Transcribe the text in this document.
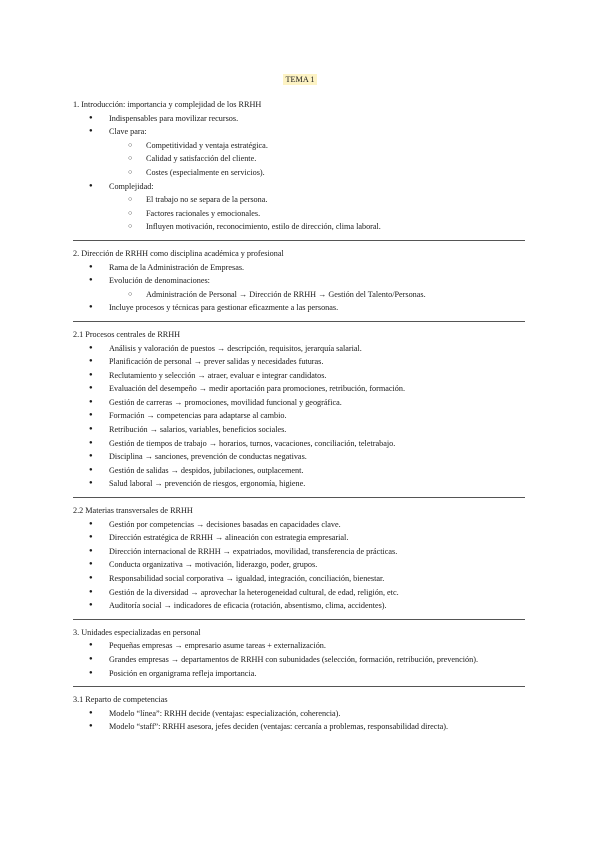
TEMA 1

1. Introducción: importancia y complejidad de los RRHH

● Indispensables para movilizar recursos.
● Clave para:
○ Competitividad y ventaja estratégica.
○ Calidad y satisfacción del cliente.
○ Costes (especialmente en servicios).
● Complejidad:
○ El trabajo no se separa de la persona.
○ Factores racionales y emocionales.
○ Influyen motivación, reconocimiento, estilo de dirección, clima laboral.

2. Dirección de RRHH como disciplina académica y profesional

● Rama de la Administración de Empresas.
● Evolución de denominaciones:
○ Administración de Personal → Dirección de RRHH → Gestión del Talento/Personas.
● Incluye procesos y técnicas para gestionar eficazmente a las personas.

2.1 Procesos centrales de RRHH

● Análisis y valoración de puestos → descripción, requisitos, jerarquía salarial.
● Planificación de personal → prever salidas y necesidades futuras.
● Reclutamiento y selección → atraer, evaluar e integrar candidatos.
● Evaluación del desempeño → medir aportación para promociones, retribución, formación.
● Gestión de carreras → promociones, movilidad funcional y geográfica.
● Formación → competencias para adaptarse al cambio.
● Retribución → salarios, variables, beneficios sociales.
● Gestión de tiempos de trabajo → horarios, turnos, vacaciones, conciliación, teletrabajo.
● Disciplina → sanciones, prevención de conductas negativas.
● Gestión de salidas → despidos, jubilaciones, outplacement.
● Salud laboral → prevención de riesgos, ergonomía, higiene.

2.2 Materias transversales de RRHH

● Gestión por competencias → decisiones basadas en capacidades clave.
● Dirección estratégica de RRHH → alineación con estrategia empresarial.
● Dirección internacional de RRHH → expatriados, movilidad, transferencia de prácticas.
● Conducta organizativa → motivación, liderazgo, poder, grupos.
● Responsabilidad social corporativa → igualdad, integración, conciliación, bienestar.
● Gestión de la diversidad → aprovechar la heterogeneidad cultural, de edad, religión, etc.
● Auditoría social → indicadores de eficacia (rotación, absentismo, clima, accidentes).

3. Unidades especializadas en personal

● Pequeñas empresas → empresario asume tareas + externalización.
● Grandes empresas → departamentos de RRHH con subunidades (selección, formación, retribución, prevención).
● Posición en organigrama refleja importancia.

3.1 Reparto de competencias

● Modelo “línea”: RRHH decide (ventajas: especialización, coherencia).
● Modelo “staff”: RRHH asesora, jefes deciden (ventajas: cercanía a problemas, responsabilidad directa).
